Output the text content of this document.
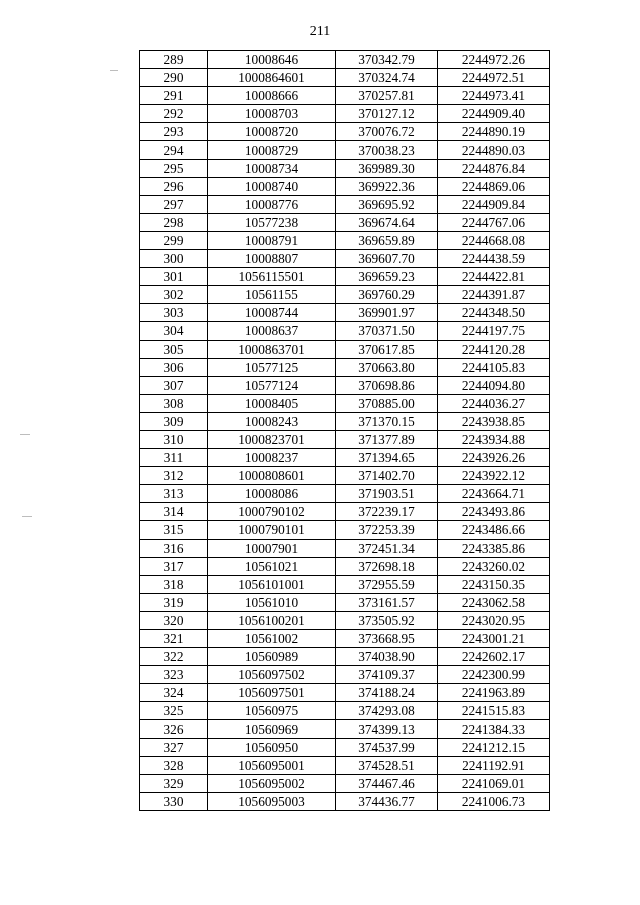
211
289	10008646	370342.79	2244972.26
290	1000864601	370324.74	2244972.51
291	10008666	370257.81	2244973.41
292	10008703	370127.12	2244909.40
293	10008720	370076.72	2244890.19
294	10008729	370038.23	2244890.03
295	10008734	369989.30	2244876.84
296	10008740	369922.36	2244869.06
297	10008776	369695.92	2244909.84
298	10577238	369674.64	2244767.06
299	10008791	369659.89	2244668.08
300	10008807	369607.70	2244438.59
301	1056115501	369659.23	2244422.81
302	10561155	369760.29	2244391.87
303	10008744	369901.97	2244348.50
304	10008637	370371.50	2244197.75
305	1000863701	370617.85	2244120.28
306	10577125	370663.80	2244105.83
307	10577124	370698.86	2244094.80
308	10008405	370885.00	2244036.27
309	10008243	371370.15	2243938.85
310	1000823701	371377.89	2243934.88
311	10008237	371394.65	2243926.26
312	1000808601	371402.70	2243922.12
313	10008086	371903.51	2243664.71
314	1000790102	372239.17	2243493.86
315	1000790101	372253.39	2243486.66
316	10007901	372451.34	2243385.86
317	10561021	372698.18	2243260.02
318	1056101001	372955.59	2243150.35
319	10561010	373161.57	2243062.58
320	1056100201	373505.92	2243020.95
321	10561002	373668.95	2243001.21
322	10560989	374038.90	2242602.17
323	1056097502	374109.37	2242300.99
324	1056097501	374188.24	2241963.89
325	10560975	374293.08	2241515.83
326	10560969	374399.13	2241384.33
327	10560950	374537.99	2241212.15
328	1056095001	374528.51	2241192.91
329	1056095002	374467.46	2241069.01
330	1056095003	374436.77	2241006.73
